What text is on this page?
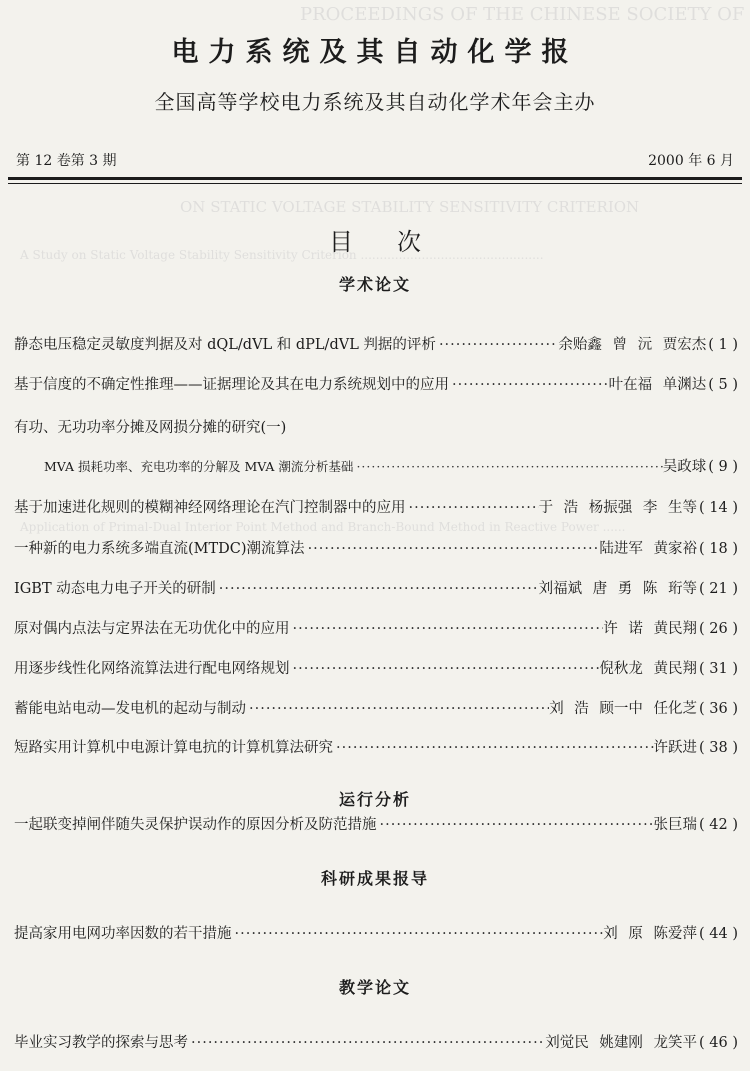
PROCEEDINGS OF THE CHINESE SOCIETY OF
ON STATIC VOLTAGE STABILITY SENSITIVITY CRITERION
A Study on Static Voltage Stability Sensitivity Criterion ................................................
Application of Primal-Dual Interior Point Method and Branch-Bound Method in Reactive Power ......
电力系统及其自动化学报
全国高等学校电力系统及其自动化学术年会主办
第 12 卷第 3 期	2000 年 6 月
目次
学术论文
静态电压稳定灵敏度判据及对 dQL/dVL 和 dPL/dVL 判据的评析 ·····	余贻鑫 曾 沅 贾宏杰 ( 1 )
基于信度的不确定性推理——证据理论及其在电力系统规划中的应用 ·····	叶在福 单渊达 ( 5 )
有功、无功功率分摊及网损分摊的研究(一)
MVA 损耗功率、充电功率的分解及 MVA 潮流分析基础 ·····	吴政球 ( 9 )
基于加速进化规则的模糊神经网络理论在汽门控制器中的应用 ·····	于 浩 杨振强 李 生等 ( 14 )
一种新的电力系统多端直流(MTDC)潮流算法 ·····	陆进军 黄家裕 ( 18 )
IGBT 动态电力电子开关的研制 ·····	刘福斌 唐 勇 陈 珩等 ( 21 )
原对偶内点法与定界法在无功优化中的应用 ·····	许 诺 黄民翔 ( 26 )
用逐步线性化网络流算法进行配电网络规划 ·····	倪秋龙 黄民翔 ( 31 )
蓄能电站电动—发电机的起动与制动 ·····	刘 浩 顾一中 任化芝 ( 36 )
短路实用计算机中电源计算电抗的计算机算法研究 ·····	许跃进 ( 38 )
运行分析
一起联变掉闸伴随失灵保护误动作的原因分析及防范措施 ·····	张巨瑞 ( 42 )
科研成果报导
提高家用电网功率因数的若干措施 ·····	刘 原 陈爱萍 ( 44 )
教学论文
毕业实习教学的探索与思考 ·····	刘觉民 姚建刚 龙笑平 ( 46 )
